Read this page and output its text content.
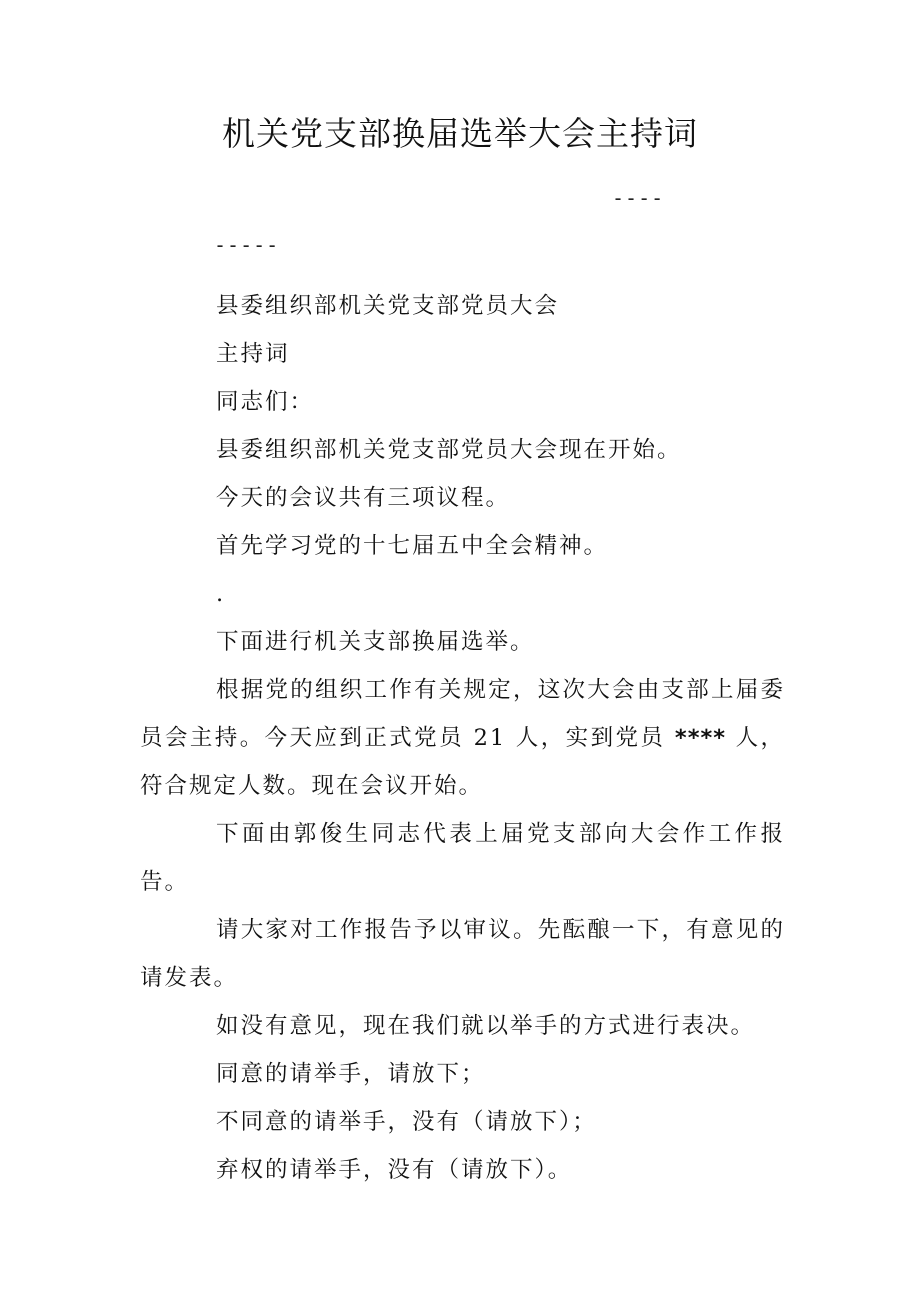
机关党支部换届选举大会主持词
----
-----

县委组织部机关党支部党员大会

主持词

同志们：

县委组织部机关党支部党员大会现在开始。

今天的会议共有三项议程。

首先学习党的十七届五中全会精神。

.

下面进行机关支部换届选举。

根据党的组织工作有关规定，这次大会由支部上届委员会主持。今天应到正式党员 21 人，实到党员 **** 人，符合规定人数。现在会议开始。

下面由郭俊生同志代表上届党支部向大会作工作报告。

请大家对工作报告予以审议。先酝酿一下，有意见的请发表。

如没有意见，现在我们就以举手的方式进行表决。

同意的请举手，请放下；

不同意的请举手，没有（请放下）；

弃权的请举手，没有（请放下）。
